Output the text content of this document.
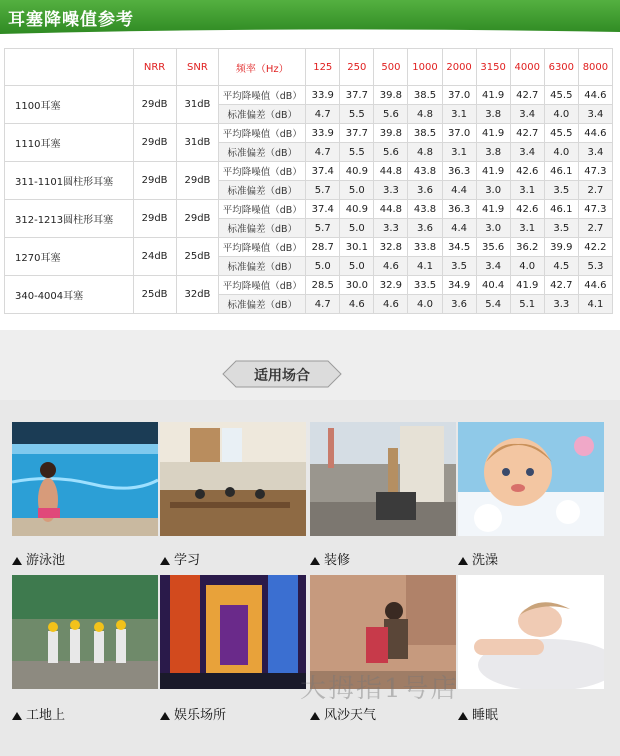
耳塞降噪值参考
	NRR	SNR	频率（Hz）	125	250	500	1000	2000	3150	4000	6300	8000
1100耳塞	29dB	31dB	平均降噪值（dB）	33.9	37.7	39.8	38.5	37.0	41.9	42.7	45.5	44.6
			标准偏差（dB）	4.7	5.5	5.6	4.8	3.1	3.8	3.4	4.0	3.4
1110耳塞	29dB	31dB	平均降噪值（dB）	33.9	37.7	39.8	38.5	37.0	41.9	42.7	45.5	44.6
			标准偏差（dB）	4.7	5.5	5.6	4.8	3.1	3.8	3.4	4.0	3.4
311-1101圆柱形耳塞	29dB	29dB	平均降噪值（dB）	37.4	40.9	44.8	43.8	36.3	41.9	42.6	46.1	47.3
			标准偏差（dB）	5.7	5.0	3.3	3.6	4.4	3.0	3.1	3.5	2.7
312-1213圆柱形耳塞	29dB	29dB	平均降噪值（dB）	37.4	40.9	44.8	43.8	36.3	41.9	42.6	46.1	47.3
			标准偏差（dB）	5.7	5.0	3.3	3.6	4.4	3.0	3.1	3.5	2.7
1270耳塞	24dB	25dB	平均降噪值（dB）	28.7	30.1	32.8	33.8	34.5	35.6	36.2	39.9	42.2
			标准偏差（dB）	5.0	5.0	4.6	4.1	3.5	3.4	4.0	4.5	5.3
340-4004耳塞	25dB	32dB	平均降噪值（dB）	28.5	30.0	32.9	33.5	34.9	40.4	41.9	42.7	44.6
			标准偏差（dB）	4.7	4.6	4.6	4.0	3.6	5.4	5.1	3.3	4.1
适用场合
游泳池	学习	装修	洗澡
工地上	娱乐场所	风沙天气	睡眠
大拇指1号店
